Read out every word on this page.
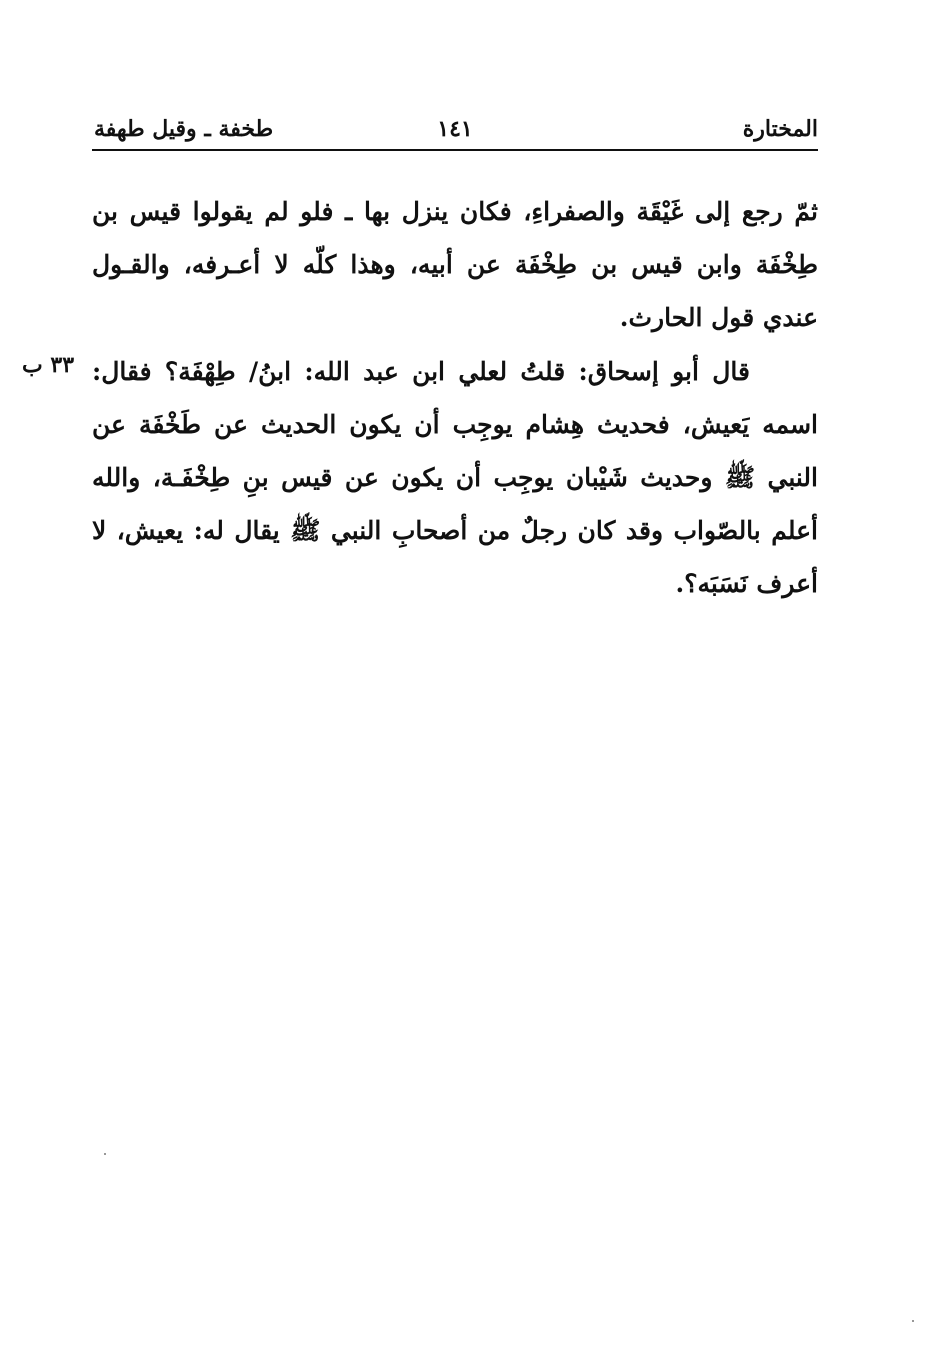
المختارة
١٤١
طخفة ـ وقيل طهفة

ثمّ رجع إلى غَيْقَة والصفراءِ، فكان ينزل بها ـ فلو لم يقولوا قيس بن طِخْفَة وابن قيس بن طِخْفَة عن أبيه، وهذا كلّه لا أعـرفه، والقـول عندي قول الحارث.

٣٣ ب قال أبو إسحاق: قلتُ لعلي ابن عبد الله: ابنُ/ طِهْفَة؟ فقال: اسمه يَعيش، فحديث هِشام يوجِب أن يكون الحديث عن طَخْفَة عن النبي ﷺ وحديث شَيْبان يوجِب أن يكون عن قيس بنِ طِخْفَـة، والله أعلم بالصّواب وقد كان رجلٌ من أصحابِ النبي ﷺ يقال له: يعيش، لا أعرف نَسَبَه؟.
